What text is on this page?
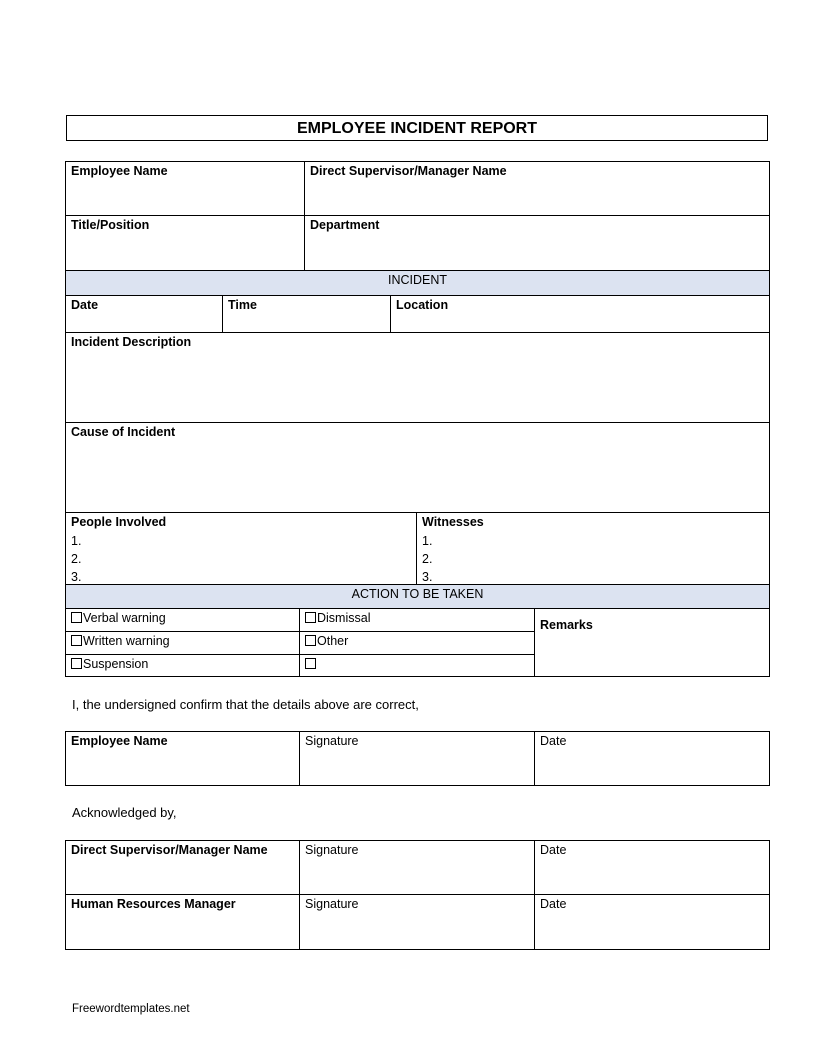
EMPLOYEE INCIDENT REPORT
Employee Name	Direct Supervisor/Manager Name
Title/Position	Department
INCIDENT
Date	Time	Location
Incident Description
Cause of Incident

People Involved
1.
2.
3.

Witnesses
1.
2.
3.
ACTION TO BE TAKEN		
Verbal warning	Dismissal	Remarks
Written warning	Other	
Suspension		
I, the undersigned confirm that the details above are correct,
Employee Name	Signature	Date
Acknowledged by,
Direct Supervisor/Manager Name	Signature	Date
Human Resources Manager	Signature	Date
Freewordtemplates.net
